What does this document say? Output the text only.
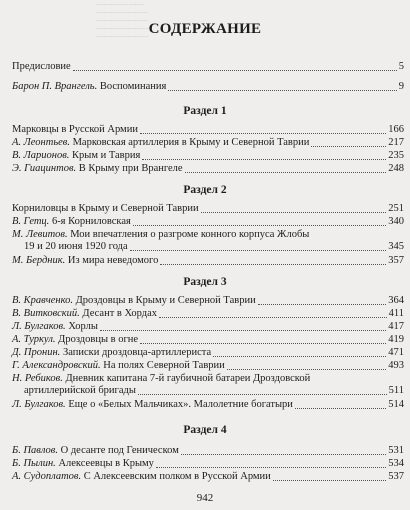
..................... ..........
...................................
...................................
...................................
................................... СОДЕРЖАНИЕ
Предисловие	5
Барон П. Врангель. Воспоминания	9
Раздел 1
Марковцы в Русской Армии	166
А. Леонтьев. Марковская артиллерия в Крыму и Северной Таврии	217
В. Ларионов. Крым и Таврия	235
Э. Гиацинтов. В Крыму при Врангеле	248
Раздел 2
Корниловцы в Крыму и Северной Таврии	251
В. Гетц. 6-я Корниловская	340
М. Левитов. Мои впечатления о разгроме конного корпуса Жлобы
19 и 20 июня 1920 года	345
М. Бердник. Из мира неведомого	357
Раздел 3
В. Кравченко. Дроздовцы в Крыму и Северной Таврии	364
В. Витковский. Десант в Хордах	411
Л. Булгаков. Хорлы	417
А. Туркул. Дроздовцы в огне	419
Д. Пронин. Записки дроздовца-артиллериста	471
Г. Александровский. На полях Северной Таврии	493
Н. Ребиков. Дневник капитана 7-й гаубичной батареи Дроздовской
артиллерийской бригады	511
Л. Булгаков. Еще о «Белых Мальчиках». Малолетние богатыри	514
Раздел 4
Б. Павлов. О десанте под Геническом	531
Б. Пылин. Алексеевцы в Крыму	534
А. Судоплатов. С Алексеевским полком в Русской Армии	537
942
